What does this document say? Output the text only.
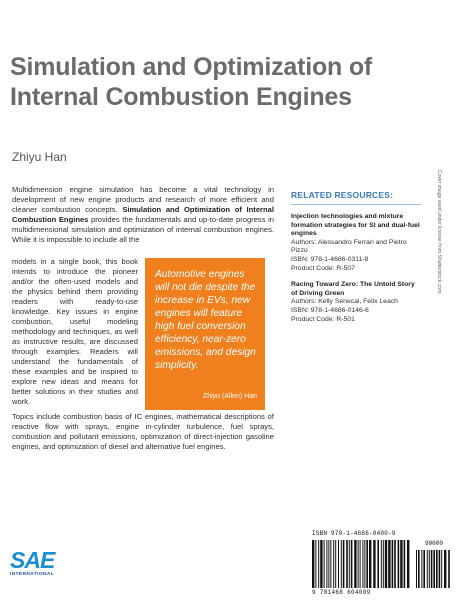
Simulation and Optimization of Internal Combustion Engines
Zhiyu Han
Multidimension engine simulation has become a vital technology in development of new engine products and research of more efficient and cleaner combustion concepts. Simulation and Optimization of Internal Combustion Engines provides the fundamentals and up-to-date progress in multidimensional simulation and optimization of internal combustion engines. While it is impossible to include all the
models in a single book, this book intends to introduce the pioneer and/or the often-used models and the physics behind them providing readers with ready-to-use knowledge. Key issues in engine combustion, useful modeling methodology and techniques, as well as instructive results, are discussed through examples. Readers will understand the fundamentals of these examples and be inspired to explore new ideas and means for better solutions in their studies and work.
Automotive engines will not die despite the increase in EVs, new engines will feature high fuel conversion efficiency, near-zero emissions, and design simplicity.
Zhiyu (Allen) Han
Topics include combustion basis of IC engines, mathematical descriptions of reactive flow with sprays, engine in-cylinder turbulence, fuel sprays, combustion and pollutant emissions, optimization of direct-injection gasoline engines, and optimization of diesel and alternative fuel engines.
RELATED RESOURCES:
Injection technologies and mixture formation strategies for SI and dual-fuel engines
Authors: Alessandro Ferrari and Pietro Pizzo
ISBN: 978-1-4686-0311-8
Product Code: R-507
Racing Toward Zero: The Untold Story of Driving Green
Authors: Kelly Senecal, Felix Leach
ISBN: 978-1-4686-0146-6
Product Code: R-501
Cover image used under license from Shutterstock.com.
SAE
INTERNATIONAL
ISBN 978-1-4686-0400-9
90000
9 781468 604009
